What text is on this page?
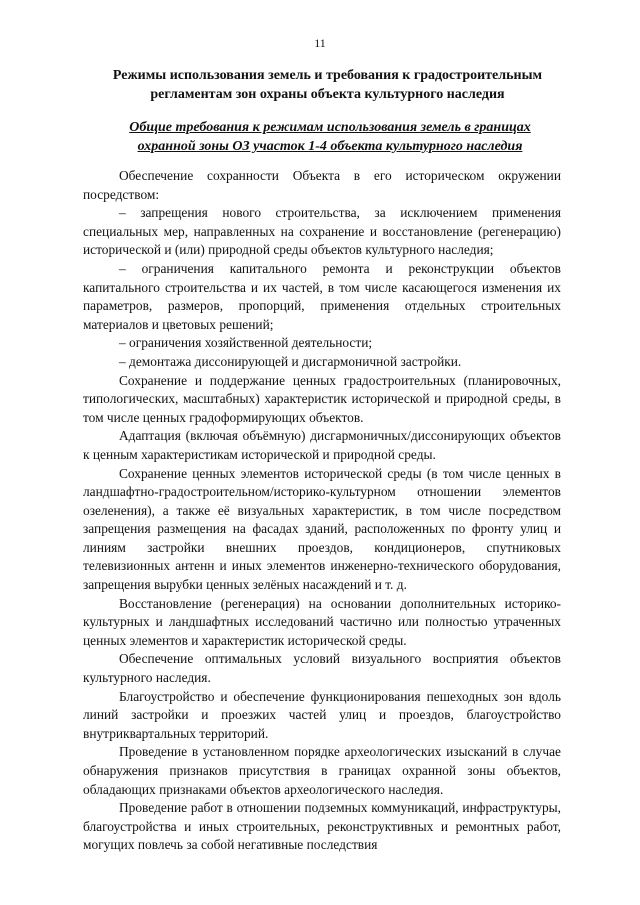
11
Режимы использования земель и требования к градостроительным регламентам зон охраны объекта культурного наследия
Общие требования к режимам использования земель в границах охранной зоны ОЗ участок 1-4 объекта культурного наследия

Обеспечение сохранности Объекта в его историческом окружении посредством:

– запрещения нового строительства, за исключением применения специальных мер, направленных на сохранение и восстановление (регенерацию) исторической и (или) природной среды объектов культурного наследия;

– ограничения капитального ремонта и реконструкции объектов капитального строительства и их частей, в том числе касающегося изменения их параметров, размеров, пропорций, применения отдельных строительных материалов и цветовых решений;

– ограничения хозяйственной деятельности;

– демонтажа диссонирующей и дисгармоничной застройки.

Сохранение и поддержание ценных градостроительных (планировочных, типологических, масштабных) характеристик исторической и природной среды, в том числе ценных градоформирующих объектов.

Адаптация (включая объёмную) дисгармоничных/диссонирующих объектов к ценным характеристикам исторической и природной среды.

Сохранение ценных элементов исторической среды (в том числе ценных в ландшафтно-градостроительном/историко-культурном отношении элементов озеленения), а также её визуальных характеристик, в том числе посредством запрещения размещения на фасадах зданий, расположенных по фронту улиц и линиям застройки внешних проездов, кондиционеров, спутниковых телевизионных антенн и иных элементов инженерно-технического оборудования, запрещения вырубки ценных зелёных насаждений и т. д.

Восстановление (регенерация) на основании дополнительных историко-культурных и ландшафтных исследований частично или полностью утраченных ценных элементов и характеристик исторической среды.

Обеспечение оптимальных условий визуального восприятия объектов культурного наследия.

Благоустройство и обеспечение функционирования пешеходных зон вдоль линий застройки и проезжих частей улиц и проездов, благоустройство внутриквартальных территорий.

Проведение в установленном порядке археологических изысканий в случае обнаружения признаков присутствия в границах охранной зоны объектов, обладающих признаками объектов археологического наследия.

Проведение работ в отношении подземных коммуникаций, инфраструктуры, благоустройства и иных строительных, реконструктивных и ремонтных работ, могущих повлечь за собой негативные последствия
